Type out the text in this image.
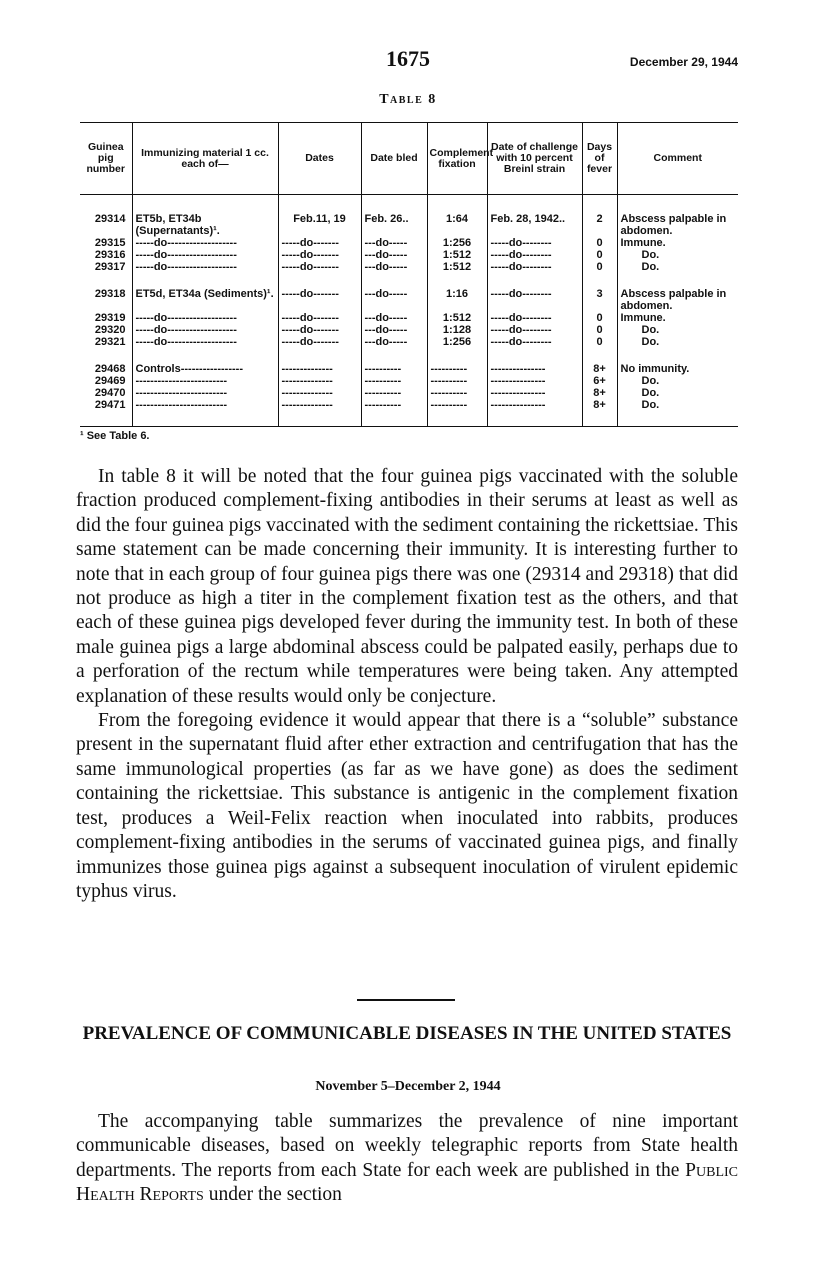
1675	December 29, 1944
Table 8
Guinea pig number	Immunizing material 1 cc. each of—	Dates	Date bled	Complement fixation	Date of challenge with 10 percent Breinl strain	Days of fever	Comment
29314	ET5b, ET34b (Supernatants)¹.	Feb.11, 19	Feb. 26..	1:64	Feb. 28, 1942..	2	Abscess palpable in abdomen.
29315	-----do-------------------	-----do-------	---do-----	1:256	-----do--------	0	Immune.
29316	-----do-------------------	-----do-------	---do-----	1:512	-----do--------	0	Do.
29317	-----do-------------------	-----do-------	---do-----	1:512	-----do--------	0	Do.

29318	ET5d, ET34a (Sediments)¹.	-----do-------	---do-----	1:16	-----do--------	3	Abscess palpable in abdomen.
29319	-----do-------------------	-----do-------	---do-----	1:512	-----do--------	0	Immune.
29320	-----do-------------------	-----do-------	---do-----	1:128	-----do--------	0	Do.
29321	-----do-------------------	-----do-------	---do-----	1:256	-----do--------	0	Do.

29468	Controls-----------------	--------------	----------	----------	---------------	8+	No immunity.
29469	-------------------------	--------------	----------	----------	---------------	6+	Do.
29470	-------------------------	--------------	----------	----------	---------------	8+	Do.
29471	-------------------------	--------------	----------	----------	---------------	8+	Do.

¹ See Table 6.

In table 8 it will be noted that the four guinea pigs vaccinated with the soluble fraction produced complement-fixing antibodies in their serums at least as well as did the four guinea pigs vaccinated with the sediment containing the rickettsiae. This same statement can be made concerning their immunity. It is interesting further to note that in each group of four guinea pigs there was one (29314 and 29318) that did not produce as high a titer in the complement fixation test as the others, and that each of these guinea pigs developed fever during the immunity test. In both of these male guinea pigs a large abdominal abscess could be palpated easily, perhaps due to a perforation of the rectum while temperatures were being taken. Any attempted explanation of these results would only be conjecture.

From the foregoing evidence it would appear that there is a “soluble” substance present in the supernatant fluid after ether extraction and centrifugation that has the same immunological properties (as far as we have gone) as does the sediment containing the rickettsiae. This substance is antigenic in the complement fixation test, produces a Weil-Felix reaction when inoculated into rabbits, produces complement-fixing antibodies in the serums of vaccinated guinea pigs, and finally immunizes those guinea pigs against a subsequent inoculation of virulent epidemic typhus virus.

PREVALENCE OF COMMUNICABLE DISEASES IN THE UNITED STATES
November 5–December 2, 1944

The accompanying table summarizes the prevalence of nine important communicable diseases, based on weekly telegraphic reports from State health departments. The reports from each State for each week are published in the Public Health Reports under the section
